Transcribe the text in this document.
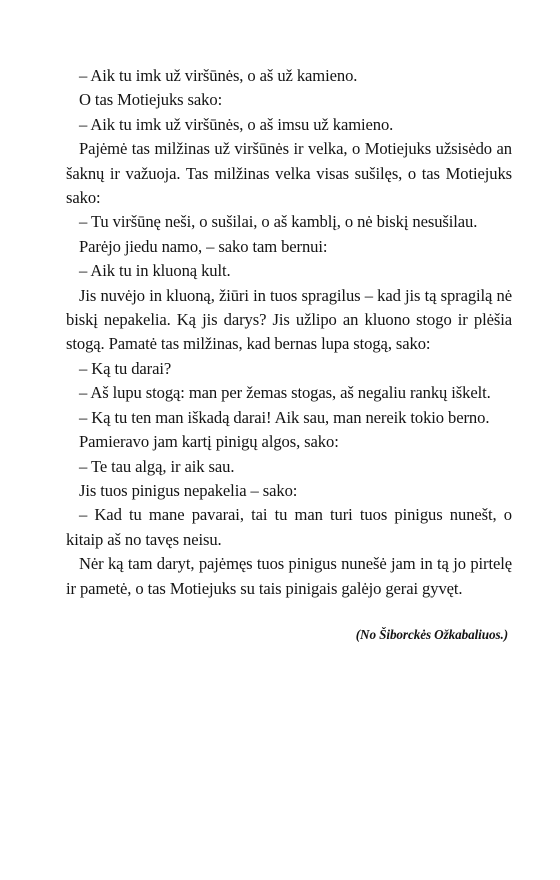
– Aik tu imk už viršūnės, o aš už kamieno.

O tas Motiejuks sako:

– Aik tu imk už viršūnės, o aš imsu už kamieno.

Pajėmė tas milžinas už viršūnės ir velka, o Motiejuks užsisėdo an šaknų ir važuoja. Tas milžinas velka visas sušilęs, o tas Motiejuks sako:

– Tu viršūnę neši, o sušilai, o aš kamblį, o nė biskį nesušilau.

Parėjo jiedu namo, – sako tam bernui:

– Aik tu in kluoną kult.

Jis nuvėjo in kluoną, žiūri in tuos spragilus – kad jis tą spragilą nė biskį nepakelia. Ką jis darys? Jis užlipo an kluono stogo ir plėšia stogą. Pamatė tas milžinas, kad bernas lupa stogą, sako:

– Ką tu darai?

– Aš lupu stogą: man per žemas stogas, aš negaliu rankų iškelt.

– Ką tu ten man iškadą darai! Aik sau, man nereik tokio berno.

Pamieravo jam kartį pinigų algos, sako:

– Te tau algą, ir aik sau.

Jis tuos pinigus nepakelia – sako:

– Kad tu mane pavarai, tai tu man turi tuos pinigus nunešt, o kitaip aš no tavęs neisu.

Nėr ką tam daryt, pajėmęs tuos pinigus nunešė jam in tą jo pirtelę ir pametė, o tas Motiejuks su tais pinigais galėjo gerai gyvęt.

(No Šiborckės Ožkabaliuos.)
